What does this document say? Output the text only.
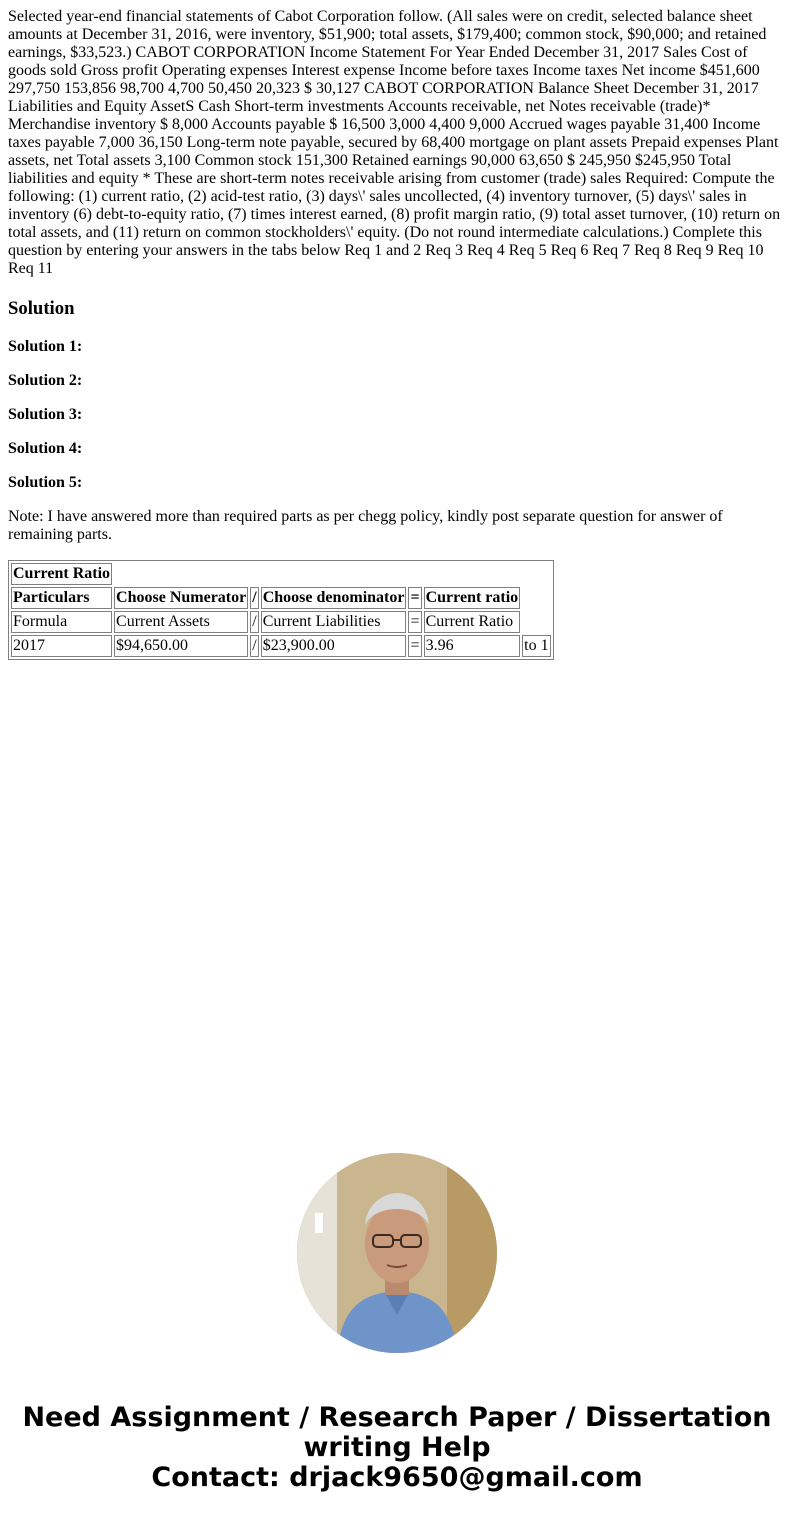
Selected year-end financial statements of Cabot Corporation follow. (All sales were on credit, selected balance sheet amounts at December 31, 2016, were inventory, $51,900; total assets, $179,400; common stock, $90,000; and retained earnings, $33,523.) CABOT CORPORATION Income Statement For Year Ended December 31, 2017 Sales Cost of goods sold Gross profit Operating expenses Interest expense Income before taxes Income taxes Net income $451,600 297,750 153,856 98,700 4,700 50,450 20,323 $ 30,127 CABOT CORPORATION Balance Sheet December 31, 2017 Liabilities and Equity AssetS Cash Short-term investments Accounts receivable, net Notes receivable (trade)* Merchandise inventory $ 8,000 Accounts payable $ 16,500 3,000 4,400 9,000 Accrued wages payable 31,400 Income taxes payable 7,000 36,150 Long-term note payable, secured by 68,400 mortgage on plant assets Prepaid expenses Plant assets, net Total assets 3,100 Common stock 151,300 Retained earnings 90,000 63,650 $ 245,950 $245,950 Total liabilities and equity * These are short-term notes receivable arising from customer (trade) sales Required: Compute the following: (1) current ratio, (2) acid-test ratio, (3) days\' sales uncollected, (4) inventory turnover, (5) days\' sales in inventory (6) debt-to-equity ratio, (7) times interest earned, (8) profit margin ratio, (9) total asset turnover, (10) return on total assets, and (11) return on common stockholders\' equity. (Do not round intermediate calculations.) Complete this question by entering your answers in the tabs below Req 1 and 2 Req 3 Req 4 Req 5 Req 6 Req 7 Req 8 Req 9 Req 10 Req 11
Solution
Solution 1:
Solution 2:
Solution 3:
Solution 4:
Solution 5:

Note: I have answered more than required parts as per chegg policy, kindly post separate question for answer of remaining parts.

Current Ratio						
Particulars	Choose Numerator	/	Choose denominator	=	Current ratio	
Formula	Current Assets	/	Current Liabilities	=	Current Ratio	
2017	$94,650.00	/	$23,900.00	=	3.96	to 1
Need Assignment / Research Paper / Dissertation
writing Help
Contact: drjack9650@gmail.com
